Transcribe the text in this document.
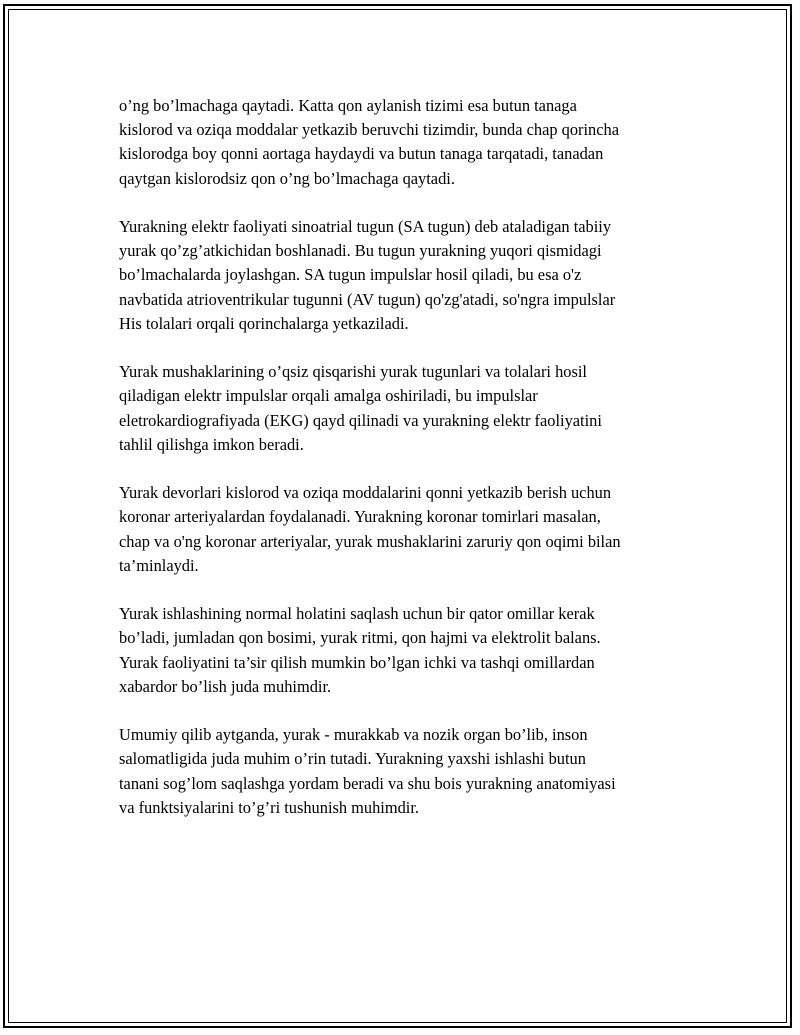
o’ng bo’lmachaga qaytadi. Katta qon aylanish tizimi esa butun tanaga
kislorod va oziqa moddalar yetkazib beruvchi tizimdir, bunda chap qorincha
kislorodga boy qonni aortaga haydaydi va butun tanaga tarqatadi, tanadan
qaytgan kislorodsiz qon o’ng bo’lmachaga qaytadi.

Yurakning elektr faoliyati sinoatrial tugun (SA tugun) deb ataladigan tabiiy
yurak qo’zg’atkichidan boshlanadi. Bu tugun yurakning yuqori qismidagi
bo’lmachalarda joylashgan. SA tugun impulslar hosil qiladi, bu esa o'z
navbatida atrioventrikular tugunni (AV tugun) qo'zg'atadi, so'ngra impulslar
His tolalari orqali qorinchalarga yetkaziladi.

Yurak mushaklarining o’qsiz qisqarishi yurak tugunlari va tolalari hosil
qiladigan elektr impulslar orqali amalga oshiriladi, bu impulslar
eletrokardiografiyada (EKG) qayd qilinadi va yurakning elektr faoliyatini
tahlil qilishga imkon beradi.

Yurak devorlari kislorod va oziqa moddalarini qonni yetkazib berish uchun
koronar arteriyalardan foydalanadi. Yurakning koronar tomirlari masalan,
chap va o'ng koronar arteriyalar, yurak mushaklarini zaruriy qon oqimi bilan
ta’minlaydi.

Yurak ishlashining normal holatini saqlash uchun bir qator omillar kerak
bo’ladi, jumladan qon bosimi, yurak ritmi, qon hajmi va elektrolit balans.
Yurak faoliyatini ta’sir qilish mumkin bo’lgan ichki va tashqi omillardan
xabardor bo’lish juda muhimdir.

Umumiy qilib aytganda, yurak - murakkab va nozik organ bo’lib, inson
salomatligida juda muhim o’rin tutadi. Yurakning yaxshi ishlashi butun
tanani sog’lom saqlashga yordam beradi va shu bois yurakning anatomiyasi
va funktsiyalarini to’g’ri tushunish muhimdir.
